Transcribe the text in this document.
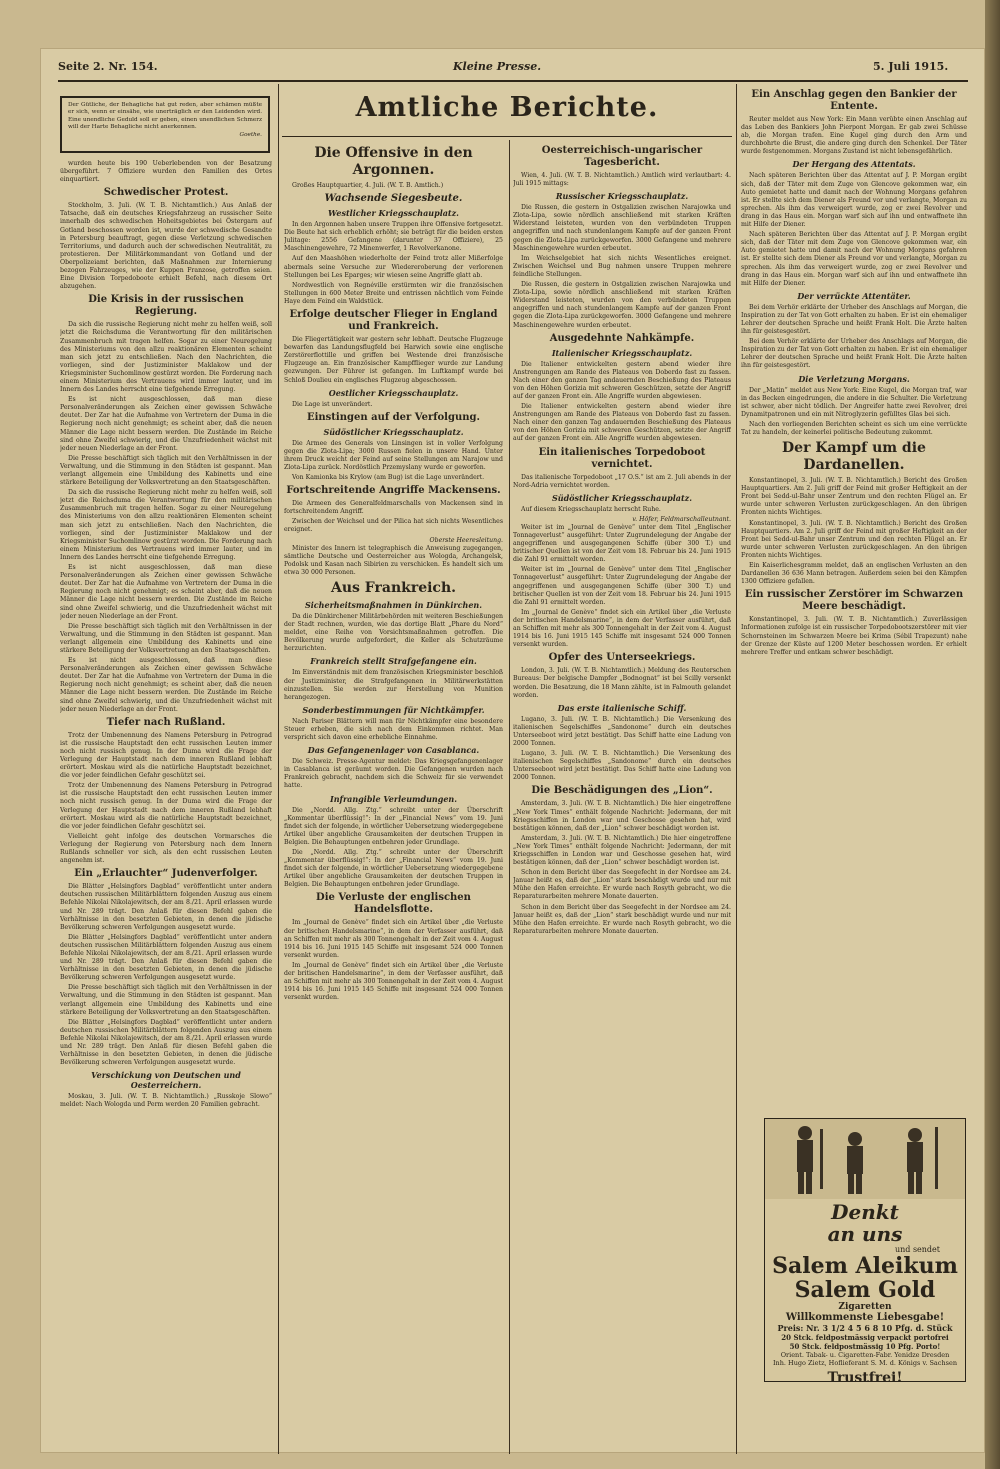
Seite 2. Nr. 154.	Kleine Presse.	5. Juli 1915.
Der Gütliche, der Behagliche hat gut reden, aber schämen müßte er sich, wenn er einsähe, wie unerträglich er den Leidenden wird. Eine unendliche Geduld soll er geben, einen unendlichen Schmerz will der Harte Behagliche nicht anerkennen.
Goethe.

wurden heute bis 190 Ueberlebenden von der Besatzung übergeführt. 7 Offiziere wurden den Familien des Ortes einquartiert.

Schwedischer Protest.

Stockholm, 3. Juli. (W. T. B. Nichtamtlich.) Aus Anlaß der Tatsache, daß ein deutsches Kriegsfahrzeug an russischer Seite innerhalb des schwedischen Hoheitsgebietes bei Östergarn auf Gotland beschossen worden ist, wurde der schwedische Gesandte in Petersburg beauftragt, gegen diese Verletzung schwedischen Territoriums, und dadurch auch der schwedischen Neutralität, zu protestieren. Der Militärkommandant von Gotland und der Oberpolizeiamt berichten, daß Maßnahmen zur Internierung bezogen Fahrzeuges, wie der Kuppen Franzose, getroffen seien. Eine Division Torpedoboote erhielt Befehl, nach diesem Ort abzugehen.

Die Krisis in der russischen Regierung.

Da sich die russische Regierung nicht mehr zu helfen weiß, soll jetzt die Reichsduma die Verantwortung für den militärischen Zusammenbruch mit tragen helfen. Sogar zu einer Neuregelung des Ministeriums von den allzu reaktionären Elementen scheint man sich jetzt zu entschließen. Nach den Nachrichten, die vorliegen, sind der Justizminister Maklakow und der Kriegsminister Suchomlinow gestürzt worden. Die Forderung nach einem Ministerium des Vertrauens wird immer lauter, und im Innern des Landes herrscht eine tiefgehende Erregung.

Es ist nicht ausgeschlossen, daß man diese Personalveränderungen als Zeichen einer gewissen Schwäche deutet. Der Zar hat die Aufnahme von Vertretern der Duma in die Regierung noch nicht genehmigt; es scheint aber, daß die neuen Männer die Lage nicht bessern werden. Die Zustände im Reiche sind ohne Zweifel schwierig, und die Unzufriedenheit wächst mit jeder neuen Niederlage an der Front.

Die Presse beschäftigt sich täglich mit den Verhältnissen in der Verwaltung, und die Stimmung in den Städten ist gespannt. Man verlangt allgemein eine Umbildung des Kabinetts und eine stärkere Beteiligung der Volksvertretung an den Staatsgeschäften.

Da sich die russische Regierung nicht mehr zu helfen weiß, soll jetzt die Reichsduma die Verantwortung für den militärischen Zusammenbruch mit tragen helfen. Sogar zu einer Neuregelung des Ministeriums von den allzu reaktionären Elementen scheint man sich jetzt zu entschließen. Nach den Nachrichten, die vorliegen, sind der Justizminister Maklakow und der Kriegsminister Suchomlinow gestürzt worden. Die Forderung nach einem Ministerium des Vertrauens wird immer lauter, und im Innern des Landes herrscht eine tiefgehende Erregung.

Es ist nicht ausgeschlossen, daß man diese Personalveränderungen als Zeichen einer gewissen Schwäche deutet. Der Zar hat die Aufnahme von Vertretern der Duma in die Regierung noch nicht genehmigt; es scheint aber, daß die neuen Männer die Lage nicht bessern werden. Die Zustände im Reiche sind ohne Zweifel schwierig, und die Unzufriedenheit wächst mit jeder neuen Niederlage an der Front.

Die Presse beschäftigt sich täglich mit den Verhältnissen in der Verwaltung, und die Stimmung in den Städten ist gespannt. Man verlangt allgemein eine Umbildung des Kabinetts und eine stärkere Beteiligung der Volksvertretung an den Staatsgeschäften.

Es ist nicht ausgeschlossen, daß man diese Personalveränderungen als Zeichen einer gewissen Schwäche deutet. Der Zar hat die Aufnahme von Vertretern der Duma in die Regierung noch nicht genehmigt; es scheint aber, daß die neuen Männer die Lage nicht bessern werden. Die Zustände im Reiche sind ohne Zweifel schwierig, und die Unzufriedenheit wächst mit jeder neuen Niederlage an der Front.

Tiefer nach Rußland.

Trotz der Umbenennung des Namens Petersburg in Petrograd ist die russische Hauptstadt den echt russischen Leuten immer noch nicht russisch genug. In der Duma wird die Frage der Verlegung der Hauptstadt nach dem inneren Rußland lebhaft erörtert. Moskau wird als die natürliche Hauptstadt bezeichnet, die vor jeder feindlichen Gefahr geschützt sei.

Trotz der Umbenennung des Namens Petersburg in Petrograd ist die russische Hauptstadt den echt russischen Leuten immer noch nicht russisch genug. In der Duma wird die Frage der Verlegung der Hauptstadt nach dem inneren Rußland lebhaft erörtert. Moskau wird als die natürliche Hauptstadt bezeichnet, die vor jeder feindlichen Gefahr geschützt sei.

Vielleicht geht infolge des deutschen Vormarsches die Verlegung der Regierung von Petersburg nach dem Innern Rußlands schneller vor sich, als den echt russischen Leuten angenehm ist.

Ein „Erlauchter“ Judenverfolger.

Die Blätter „Helsingfors Dagblad“ veröffentlicht unter andern deutschen russischen Militärblättern folgenden Auszug aus einem Befehle Nikolai Nikolajewitsch, der am 8./21. April erlassen wurde und Nr. 289 trägt. Den Anlaß für diesen Befehl gaben die Verhältnisse in den besetzten Gebieten, in denen die jüdische Bevölkerung schweren Verfolgungen ausgesetzt wurde.

Die Blätter „Helsingfors Dagblad“ veröffentlicht unter andern deutschen russischen Militärblättern folgenden Auszug aus einem Befehle Nikolai Nikolajewitsch, der am 8./21. April erlassen wurde und Nr. 289 trägt. Den Anlaß für diesen Befehl gaben die Verhältnisse in den besetzten Gebieten, in denen die jüdische Bevölkerung schweren Verfolgungen ausgesetzt wurde.

Die Presse beschäftigt sich täglich mit den Verhältnissen in der Verwaltung, und die Stimmung in den Städten ist gespannt. Man verlangt allgemein eine Umbildung des Kabinetts und eine stärkere Beteiligung der Volksvertretung an den Staatsgeschäften.

Die Blätter „Helsingfors Dagblad“ veröffentlicht unter andern deutschen russischen Militärblättern folgenden Auszug aus einem Befehle Nikolai Nikolajewitsch, der am 8./21. April erlassen wurde und Nr. 289 trägt. Den Anlaß für diesen Befehl gaben die Verhältnisse in den besetzten Gebieten, in denen die jüdische Bevölkerung schweren Verfolgungen ausgesetzt wurde.

Verschickung von Deutschen und Oesterreichern.

Moskau, 3. Juli. (W. T. B. Nichtamtlich.) „Russkoje Slowo“ meldet: Nach Wologda und Perm werden 20 Familien gebracht.

Amtliche Berichte.
Die Offensive in den Argonnen.

Großes Hauptquartier, 4. Juli. (W. T. B. Amtlich.)

Wachsende Siegesbeute.
Westlicher Kriegsschauplatz.

In den Argonnen haben unsere Truppen ihre Offensive fortgesetzt. Die Beute hat sich erheblich erhöht; sie beträgt für die beiden ersten Julitage: 2556 Gefangene (darunter 37 Offiziere), 25 Maschinengewehre, 72 Minenwerfer, 1 Revolverkanone.

Auf den Maashöhen wiederholte der Feind trotz aller Mißerfolge abermals seine Versuche zur Wiedereroberung der verlorenen Stellungen bei Les Eparges; wir wiesen seine Angriffe glatt ab.

Nordwestlich von Regnéville erstürmten wir die französischen Stellungen in 600 Meter Breite und entrissen nächtlich vom Feinde Haye dem Feind ein Waldstück.

Erfolge deutscher Flieger in England und Frankreich.

Die Fliegertätigkeit war gestern sehr lebhaft. Deutsche Flugzeuge bewarfen das Landungsflugfeld bei Harwich sowie eine englische Zerstörerflottille und griffen bei Westende drei französische Flugzeuge an. Ein französischer Kampfflieger wurde zur Landung gezwungen. Der Führer ist gefangen. Im Luftkampf wurde bei Schloß Doulieu ein englisches Flugzeug abgeschossen.

Oestlicher Kriegsschauplatz.

Die Lage ist unverändert.

Einstingen auf der Verfolgung.
Südöstlicher Kriegsschauplatz.

Die Armee des Generals von Linsingen ist in voller Verfolgung gegen die Zlota-Lipa; 3000 Russen fielen in unsere Hand. Unter ihrem Druck weicht der Feind auf seine Stellungen am Narajow und Zlota-Lipa zurück. Nordöstlich Przemyslany wurde er geworfen.

Von Kamionka bis Krylow (am Bug) ist die Lage unverändert.

Fortschreitende Angriffe Mackensens.

Die Armeen des Generalfeldmarschalls von Mackensen sind in fortschreitendem Angriff.

Zwischen der Weichsel und der Pilica hat sich nichts Wesentliches ereignet.

Oberste Heeresleitung.

Minister des Innern ist telegraphisch die Anweisung zugegangen, sämtliche Deutsche und Oesterreicher aus Wologda, Archangelsk, Podolsk und Kasan nach Sibirien zu verschicken. Es handelt sich um etwa 30 000 Personen.

Aus Frankreich.
Sicherheitsmaßnahmen in Dünkirchen.

Da die Dünkirchener Militärbehörden mit weiteren Beschießungen der Stadt rechnen, wurden, wie das dortige Blatt „Phare du Nord“ meldet, eine Reihe von Vorsichtsmaßnahmen getroffen. Die Bevölkerung wurde aufgefordert, die Keller als Schutzräume herzurichten.

Frankreich stellt Strafgefangene ein.

Im Einverständnis mit dem französischen Kriegsminister beschloß der Justizminister, die Strafgefangenen in Militärwerkstätten einzustellen. Sie werden zur Herstellung von Munition herangezogen.

Sonderbestimmungen für Nichtkämpfer.

Nach Pariser Blättern will man für Nichtkämpfer eine besondere Steuer erheben, die sich nach dem Einkommen richtet. Man verspricht sich davon eine erhebliche Einnahme.

Das Gefangenenlager von Casablanca.

Die Schweiz. Presse-Agentur meldet: Das Kriegsgefangenenlager in Casablanca ist geräumt worden. Die Gefangenen wurden nach Frankreich gebracht, nachdem sich die Schweiz für sie verwendet hatte.

Infrangible Verleumdungen.

Die „Nordd. Allg. Ztg.“ schreibt unter der Überschrift „Kommentar überflüssig!“: In der „Financial News“ vom 19. Juni findet sich der folgende, in wörtlicher Uebersetzung wiedergegebene Artikel über angebliche Grausamkeiten der deutschen Truppen in Belgien. Die Behauptungen entbehren jeder Grundlage.

Die „Nordd. Allg. Ztg.“ schreibt unter der Überschrift „Kommentar überflüssig!“: In der „Financial News“ vom 19. Juni findet sich der folgende, in wörtlicher Uebersetzung wiedergegebene Artikel über angebliche Grausamkeiten der deutschen Truppen in Belgien. Die Behauptungen entbehren jeder Grundlage.

Die Verluste der englischen Handelsflotte.

Im „Journal de Genève“ findet sich ein Artikel über „die Verluste der britischen Handelsmarine“, in dem der Verfasser ausführt, daß an Schiffen mit mehr als 300 Tonnengehalt in der Zeit vom 4. August 1914 bis 16. Juni 1915 145 Schiffe mit insgesamt 524 000 Tonnen versenkt wurden.

Im „Journal de Genève“ findet sich ein Artikel über „die Verluste der britischen Handelsmarine“, in dem der Verfasser ausführt, daß an Schiffen mit mehr als 300 Tonnengehalt in der Zeit vom 4. August 1914 bis 16. Juni 1915 145 Schiffe mit insgesamt 524 000 Tonnen versenkt wurden.

Oesterreichisch-ungarischer Tagesbericht.

Wien, 4. Juli. (W. T. B. Nichtamtlich.) Amtlich wird verlautbart: 4. Juli 1915 mittags:

Russischer Kriegsschauplatz.

Die Russen, die gestern in Ostgalizien zwischen Narajowka und Zlota-Lipa, sowie nördlich anschließend mit starken Kräften Widerstand leisteten, wurden von den verbündeten Truppen angegriffen und nach stundenlangem Kampfe auf der ganzen Front gegen die Zlota-Lipa zurückgeworfen. 3000 Gefangene und mehrere Maschinengewehre wurden erbeutet.

Im Weichselgebiet hat sich nichts Wesentliches ereignet. Zwischen Weichsel und Bug nahmen unsere Truppen mehrere feindliche Stellungen.

Die Russen, die gestern in Ostgalizien zwischen Narajowka und Zlota-Lipa, sowie nördlich anschließend mit starken Kräften Widerstand leisteten, wurden von den verbündeten Truppen angegriffen und nach stundenlangem Kampfe auf der ganzen Front gegen die Zlota-Lipa zurückgeworfen. 3000 Gefangene und mehrere Maschinengewehre wurden erbeutet.

Ausgedehnte Nahkämpfe.
Italienischer Kriegsschauplatz.

Die Italiener entwickelten gestern abend wieder ihre Anstrengungen am Rande des Plateaus von Doberdo fast zu fassen. Nach einer den ganzen Tag andauernden Beschießung des Plateaus von den Höhen Gorizia mit schweren Geschützen, setzte der Angriff auf der ganzen Front ein. Alle Angriffe wurden abgewiesen.

Die Italiener entwickelten gestern abend wieder ihre Anstrengungen am Rande des Plateaus von Doberdo fast zu fassen. Nach einer den ganzen Tag andauernden Beschießung des Plateaus von den Höhen Gorizia mit schweren Geschützen, setzte der Angriff auf der ganzen Front ein. Alle Angriffe wurden abgewiesen.

Ein italienisches Torpedoboot vernichtet.

Das italienische Torpedoboot „17 O.S.“ ist am 2. Juli abends in der Nord-Adria vernichtet worden.

Südöstlicher Kriegsschauplatz.

Auf diesem Kriegsschauplatz herrscht Ruhe.

v. Höfer, Feldmarschalleutnant.

Weiter ist im „Journal de Genève“ unter dem Titel „Englischer Tonnageverlust“ ausgeführt: Unter Zugrundelegung der Angabe der angegriffenen und ausgegangenen Schiffe (über 300 T.) und britischer Quellen ist von der Zeit vom 18. Februar bis 24. Juni 1915 die Zahl 91 ermittelt worden.

Weiter ist im „Journal de Genève“ unter dem Titel „Englischer Tonnageverlust“ ausgeführt: Unter Zugrundelegung der Angabe der angegriffenen und ausgegangenen Schiffe (über 300 T.) und britischer Quellen ist von der Zeit vom 18. Februar bis 24. Juni 1915 die Zahl 91 ermittelt worden.

Im „Journal de Genève“ findet sich ein Artikel über „die Verluste der britischen Handelsmarine“, in dem der Verfasser ausführt, daß an Schiffen mit mehr als 300 Tonnengehalt in der Zeit vom 4. August 1914 bis 16. Juni 1915 145 Schiffe mit insgesamt 524 000 Tonnen versenkt wurden.

Opfer des Unterseekriegs.

London, 3. Juli. (W. T. B. Nichtamtlich.) Meldung des Reuterschen Bureaus: Der belgische Dampfer „Bodnognat“ ist bei Scilly versenkt worden. Die Besatzung, die 18 Mann zählte, ist in Falmouth gelandet worden.

Das erste italienische Schiff.

Lugano, 3. Juli. (W. T. B. Nichtamtlich.) Die Versenkung des italienischen Segelschiffes „Sandonome“ durch ein deutsches Unterseeboot wird jetzt bestätigt. Das Schiff hatte eine Ladung von 2000 Tonnen.

Lugano, 3. Juli. (W. T. B. Nichtamtlich.) Die Versenkung des italienischen Segelschiffes „Sandonome“ durch ein deutsches Unterseeboot wird jetzt bestätigt. Das Schiff hatte eine Ladung von 2000 Tonnen.

Die Beschädigungen des „Lion“.

Amsterdam, 3. Juli. (W. T. B. Nichtamtlich.) Die hier eingetroffene „New York Times“ enthält folgende Nachricht: Jedermann, der mit Kriegsschiffen in London war und Geschosse gesehen hat, wird bestätigen können, daß der „Lion“ schwer beschädigt worden ist.

Amsterdam, 3. Juli. (W. T. B. Nichtamtlich.) Die hier eingetroffene „New York Times“ enthält folgende Nachricht: Jedermann, der mit Kriegsschiffen in London war und Geschosse gesehen hat, wird bestätigen können, daß der „Lion“ schwer beschädigt worden ist.

Schon in dem Bericht über das Seegefecht in der Nordsee am 24. Januar heißt es, daß der „Lion“ stark beschädigt wurde und nur mit Mühe den Hafen erreichte. Er wurde nach Rosyth gebracht, wo die Reparaturarbeiten mehrere Monate dauerten.

Schon in dem Bericht über das Seegefecht in der Nordsee am 24. Januar heißt es, daß der „Lion“ stark beschädigt wurde und nur mit Mühe den Hafen erreichte. Er wurde nach Rosyth gebracht, wo die Reparaturarbeiten mehrere Monate dauerten.

Ein Anschlag gegen den Bankier der Entente.

Reuter meldet aus New York: Ein Mann verübte einen Anschlag auf das Leben des Bankiers John Pierpont Morgan. Er gab zwei Schüsse ab, die Morgan trafen. Eine Kugel ging durch den Arm und durchbohrte die Brust, die andere ging durch den Schenkel. Der Täter wurde festgenommen. Morgans Zustand ist nicht lebensgefährlich.

Der Hergang des Attentats.

Nach späteren Berichten über das Attentat auf J. P. Morgan ergibt sich, daß der Täter mit dem Zuge von Glencove gekommen war, ein Auto gemietet hatte und damit nach der Wohnung Morgans gefahren ist. Er stellte sich dem Diener als Freund vor und verlangte, Morgan zu sprechen. Als ihm das verweigert wurde, zog er zwei Revolver und drang in das Haus ein. Morgan warf sich auf ihn und entwaffnete ihn mit Hilfe der Diener.

Nach späteren Berichten über das Attentat auf J. P. Morgan ergibt sich, daß der Täter mit dem Zuge von Glencove gekommen war, ein Auto gemietet hatte und damit nach der Wohnung Morgans gefahren ist. Er stellte sich dem Diener als Freund vor und verlangte, Morgan zu sprechen. Als ihm das verweigert wurde, zog er zwei Revolver und drang in das Haus ein. Morgan warf sich auf ihn und entwaffnete ihn mit Hilfe der Diener.

Der verrückte Attentäter.

Bei dem Verhör erklärte der Urheber des Anschlags auf Morgan, die Inspiration zu der Tat von Gott erhalten zu haben. Er ist ein ehemaliger Lehrer der deutschen Sprache und heißt Frank Holt. Die Ärzte halten ihn für geistesgestört.

Bei dem Verhör erklärte der Urheber des Anschlags auf Morgan, die Inspiration zu der Tat von Gott erhalten zu haben. Er ist ein ehemaliger Lehrer der deutschen Sprache und heißt Frank Holt. Die Ärzte halten ihn für geistesgestört.

Die Verletzung Morgans.

Der „Matin“ meldet aus New York: Eine Kugel, die Morgan traf, war in das Becken eingedrungen, die andere in die Schulter. Die Verletzung ist schwer, aber nicht tödlich. Der Angreifer hatte zwei Revolver, drei Dynamitpatronen und ein mit Nitroglyzerin gefülltes Glas bei sich.

Nach den vorliegenden Berichten scheint es sich um eine verrückte Tat zu handeln, der keinerlei politische Bedeutung zukommt.

Der Kampf um die Dardanellen.

Konstantinopel, 3. Juli. (W. T. B. Nichtamtlich.) Bericht des Großen Hauptquartiers. Am 2. Juli griff der Feind mit großer Heftigkeit an der Front bei Sedd-ul-Bahr unser Zentrum und den rechten Flügel an. Er wurde unter schweren Verlusten zurückgeschlagen. An den übrigen Fronten nichts Wichtiges.

Konstantinopel, 3. Juli. (W. T. B. Nichtamtlich.) Bericht des Großen Hauptquartiers. Am 2. Juli griff der Feind mit großer Heftigkeit an der Front bei Sedd-ul-Bahr unser Zentrum und den rechten Flügel an. Er wurde unter schweren Verlusten zurückgeschlagen. An den übrigen Fronten nichts Wichtiges.

Ein Kaiserlichesgramm meldet, daß an englischen Verlusten an den Dardanellen 36 636 Mann betragen. Außerdem seien bei den Kämpfen 1300 Offiziere gefallen.

Ein russischer Zerstörer im Schwarzen Meere beschädigt.

Konstantinopel, 3. Juli. (W. T. B. Nichtamtlich.) Zuverlässigen Informationen zufolge ist ein russischer Torpedobootszerstörer mit vier Schornsteinen im Schwarzen Meere bei Krima (Sébil Trapezunt) nahe der Grenze der Küste auf 1200 Meter beschossen worden. Er erhielt mehrere Treffer und entkam schwer beschädigt.

Denkt
an uns
und sendet
Salem Aleikum
Salem Gold
Zigaretten
Willkommenste Liebesgabe!
Preis: Nr. 3 1/2 4 5 6 8 10 Pfg. d. Stück
20 Stck. feldpostmässig verpackt portofrei
50 Stck. feldpostmässig 10 Pfg. Porto!
Orient. Tabak- u. Cigaretten-Fabr. Yenidze Dresden
Inh. Hugo Zietz, Hoflieferant S. M. d. Königs v. Sachsen
Trustfrei!
